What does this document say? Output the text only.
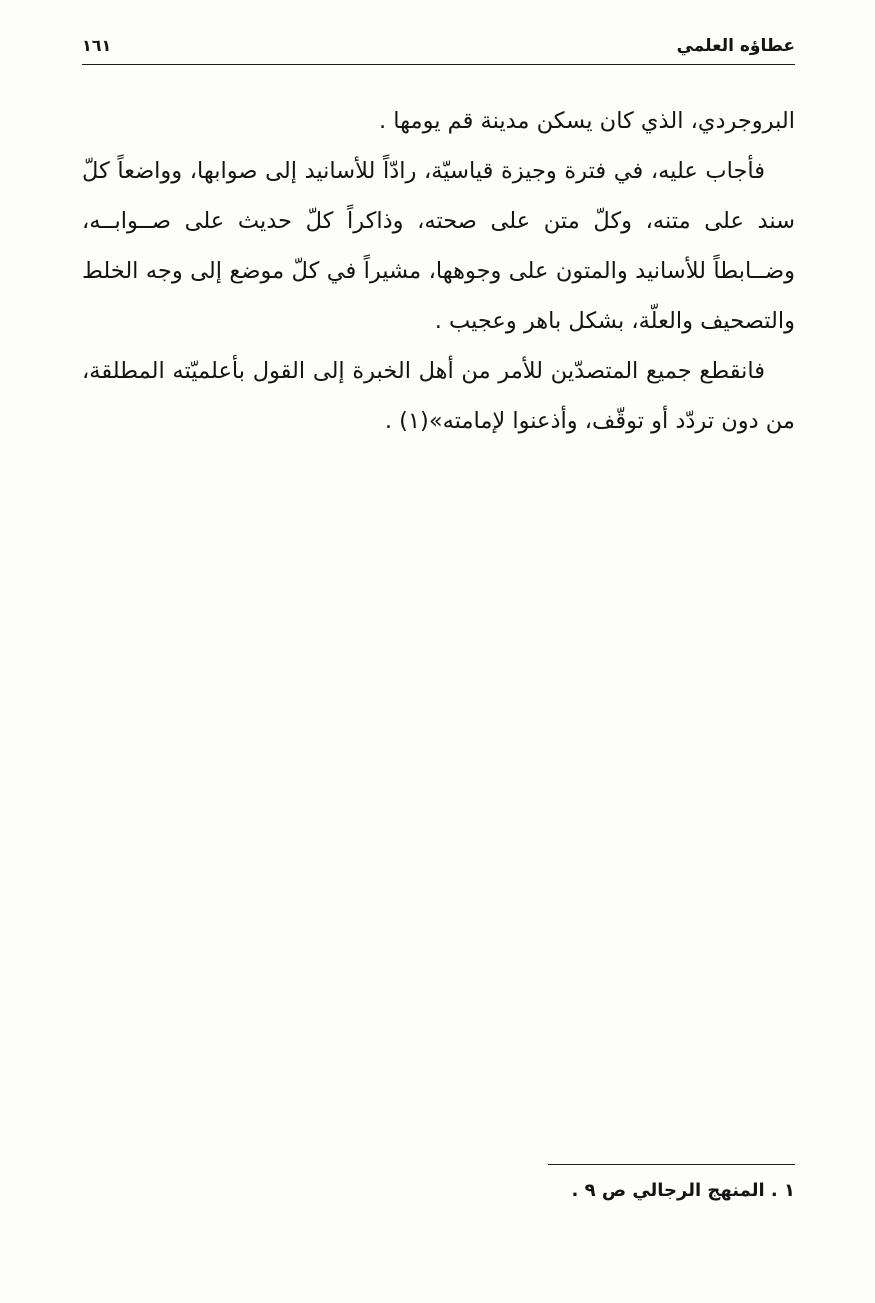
١٦١	عطاؤه العلمي

البروجردي، الذي كان يسكن مدينة قم يومها .

فأجاب عليه، في فترة وجيزة قياسيّة، رادّاً للأسانيد إلى صوابها، وواضعاً كلّ سند على متنه، وكلّ متن على صحته، وذاكراً كلّ حديث على صــوابــه، وضــابطاً للأسانيد والمتون على وجوهها، مشيراً في كلّ موضع إلى وجه الخلط والتصحيف والعلّة، بشكل باهر وعجيب .

فانقطع جميع المتصدّين للأمر من أهل الخبرة إلى القول بأعلميّته المطلقة، من دون تردّد أو توقّف، وأذعنوا لإمامته»(١) .

١ . المنهج الرجالي ص ٩ .
